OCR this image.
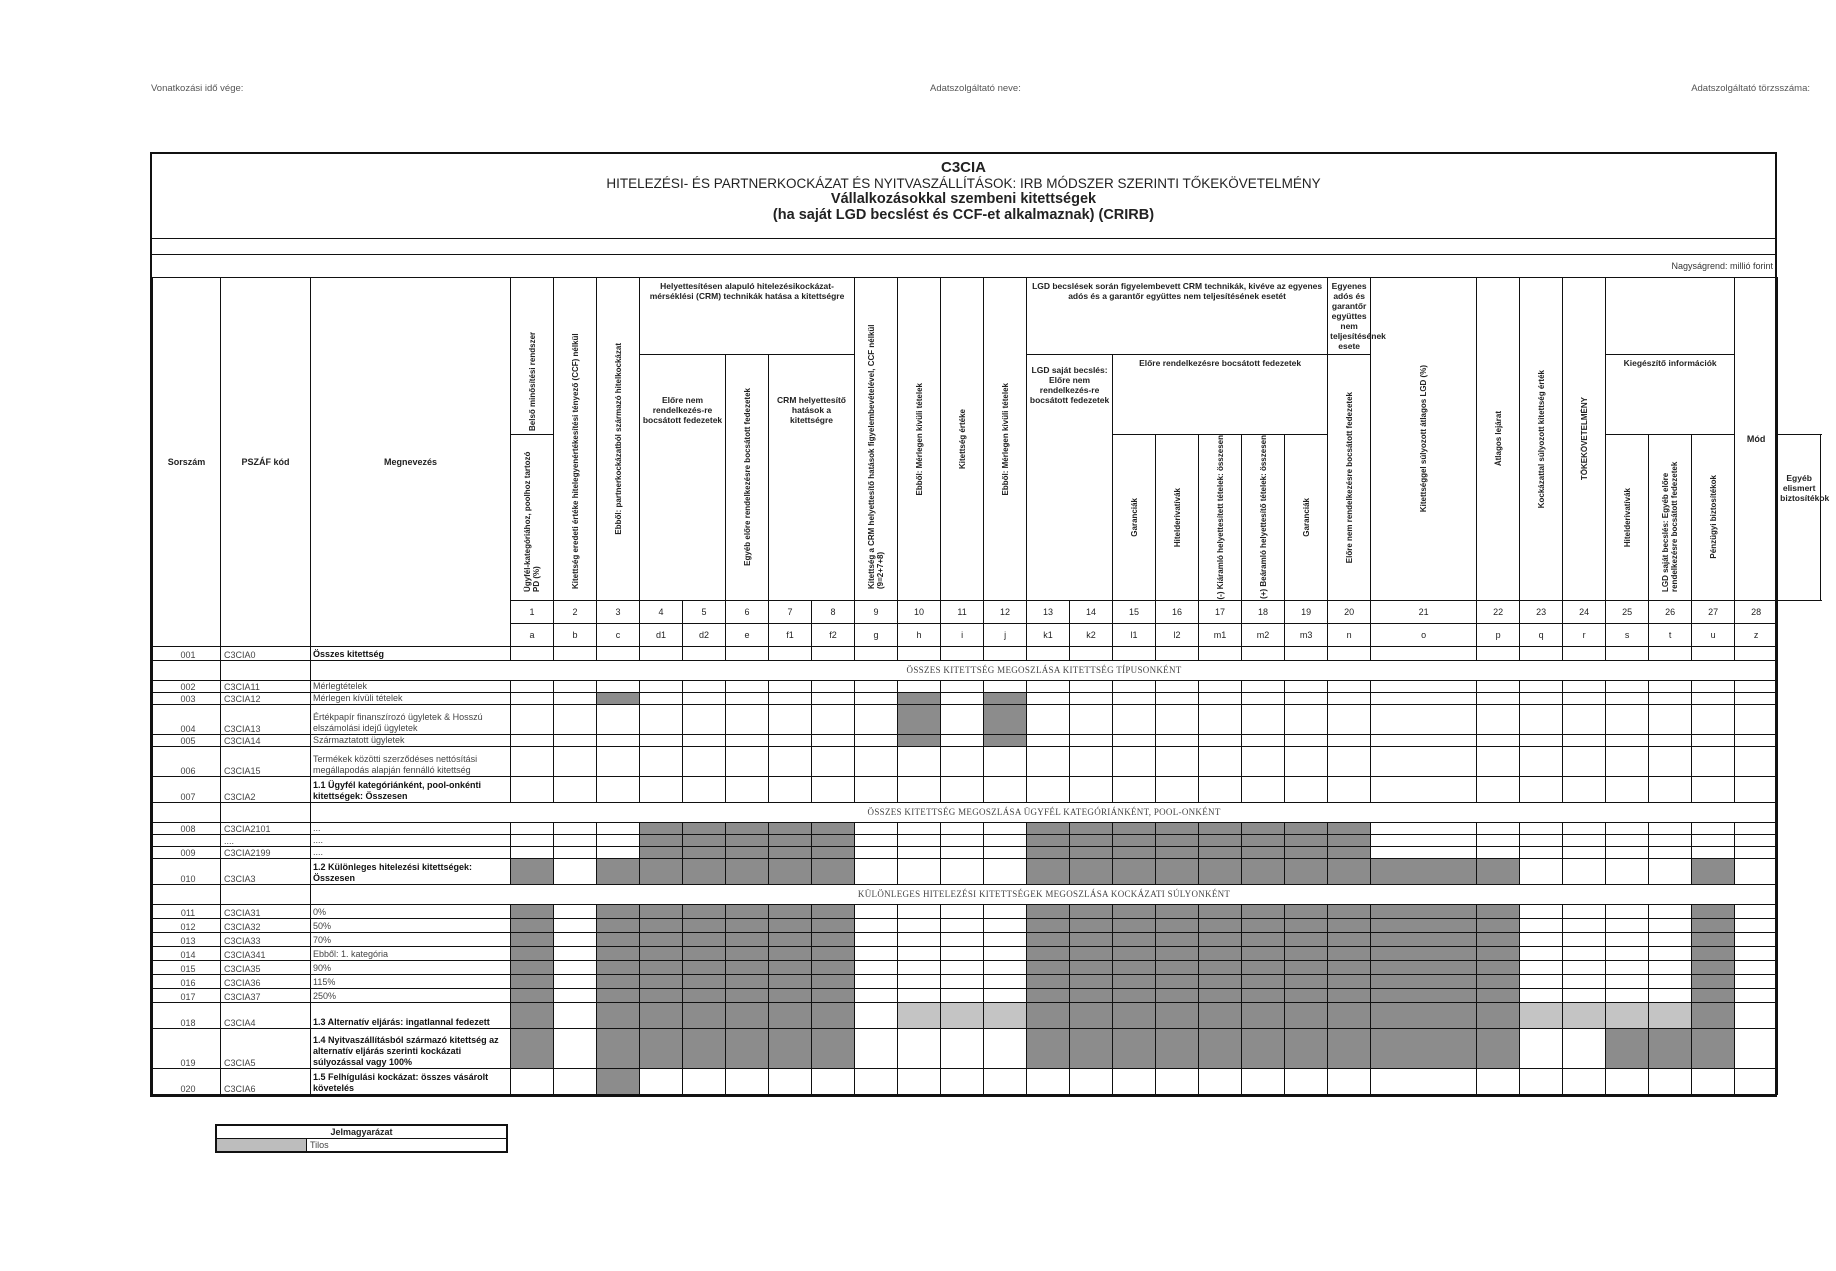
Vonatkozási idő vége:	Adatszolgáltató neve:	Adatszolgáltató törzsszáma:
C3CIA
HITELEZÉSI- ÉS PARTNERKOCKÁZAT ÉS NYITVASZÁLLÍTÁSOK: IRB MÓDSZER SZERINTI TŐKEKÖVETELMÉNY
Vállalkozásokkal szembeni kitettségek
(ha saját LGD becslést és CCF-et alkalmaznak) (CRIRB)
Nagyságrend: millió forint
Sorszám	PSZÁF kód	Megnevezés	Belső minősítési rendszer	Kitettség eredeti értéke hitelegyenértékesítési tényező (CCF) nélkül	Ebből: partnerkockázatból származó hitelkockázat	Helyettesítésen alapuló hitelezésikockázat-mérséklési (CRM) technikák hatása a kitettségre					Kitettség a CRM helyettesítő hatások figyelembevételével, CCF nélkül (9=2+7+8)	Ebből: Mérlegen kívüli tételek	Kitettség értéke	Ebből: Mérlegen kívüli tételek	LGD becslések során figyelembevett CRM technikák, kivéve az egyenes adós és a garantőr együttes nem teljesítésének esetét							Egyenes adós és garantőr együttes nem teljesítésének esete	Kitettséggel súlyozott átlagos LGD (%)	Átlagos lejárat	Kockázattal súlyozott kitettség érték	TŐKEKÖVETELMÉNY				Mód		
						Előre nem rendelkezés-re bocsátott fedezetek		Egyéb előre rendelkezésre bocsátott fedezetek	CRM helyettesítő hatások a kitettségre						LGD saját becslés: Előre nem rendelkezés-re bocsátott fedezetek		Előre rendelkezésre bocsátott fedezetek					Előre nem rendelkezésre bocsátott fedezetek					Kiegészítő információk					

			Ügyfél-kategóriához, poolhoz tartozó PD (%)														Garanciák	Hitelderivatívák	(-) Kiáramló helyettesített tételek: összesen	(+) Beáramló helyettesítő tételek: összesen	Garanciák						Hitelderivatívák	LGD saját becslés: Egyéb előre rendelkezésre bocsátott fedezetek	Pénzügyi biztosítékok		Egyéb elismert biztosítékok	

			1	2	3	4	5	6	7	8	9	10	11	12	13	14	15	16	17	18	19	20	21	22	23	24	25	26	27	28		
			a	b	c	d1	d2	e	f1	f2	g	h	i	j	k1	k2	l1	l2	m1	m2	m3	n	o	p	q	r	s	t	u	z		
001	C3CIA0	Összes kitettség																														
		ÖSSZES KITETTSÉG MEGOSZLÁSA KITETTSÉG TÍPUSONKÉNT																														
002	C3CIA11	Mérlegtételek																														
003	C3CIA12	Mérlegen kívüli tételek																														
004	C3CIA13	Értékpapír finanszírozó ügyletek & Hosszú elszámolási idejű ügyletek																														
005	C3CIA14	Származtatott ügyletek																														
006	C3CIA15	Termékek közötti szerződéses nettósítási megállapodás alapján fennálló kitettség																														
007	C3CIA2	1.1 Ügyfél kategóriánként, pool-onkénti kitettségek: Összesen																														
		ÖSSZES KITETTSÉG MEGOSZLÁSA ÜGYFÉL KATEGÓRIÁNKÉNT, POOL-ONKÉNT																														
008	C3CIA2101	...																														
	....	....																														
009	C3CIA2199	....																														
010	C3CIA3	1.2 Különleges hitelezési kitettségek: Összesen																														
		KÜLÖNLEGES HITELEZÉSI KITETTSÉGEK MEGOSZLÁSA KOCKÁZATI SÚLYONKÉNT																														
011	C3CIA31	0%																														
012	C3CIA32	50%																														
013	C3CIA33	70%																														
014	C3CIA341	Ebből: 1. kategória																														
015	C3CIA35	90%																														
016	C3CIA36	115%																														
017	C3CIA37	250%																														
018	C3CIA4	1.3 Alternatív eljárás: ingatlannal fedezett																														
019	C3CIA5	1.4 Nyitvaszállításból származó kitettség az alternatív eljárás szerinti kockázati súlyozással vagy 100%																														
020	C3CIA6	1.5 Felhígulási kockázat: összes vásárolt követelés																														
Jelmagyarázat
Tilos
